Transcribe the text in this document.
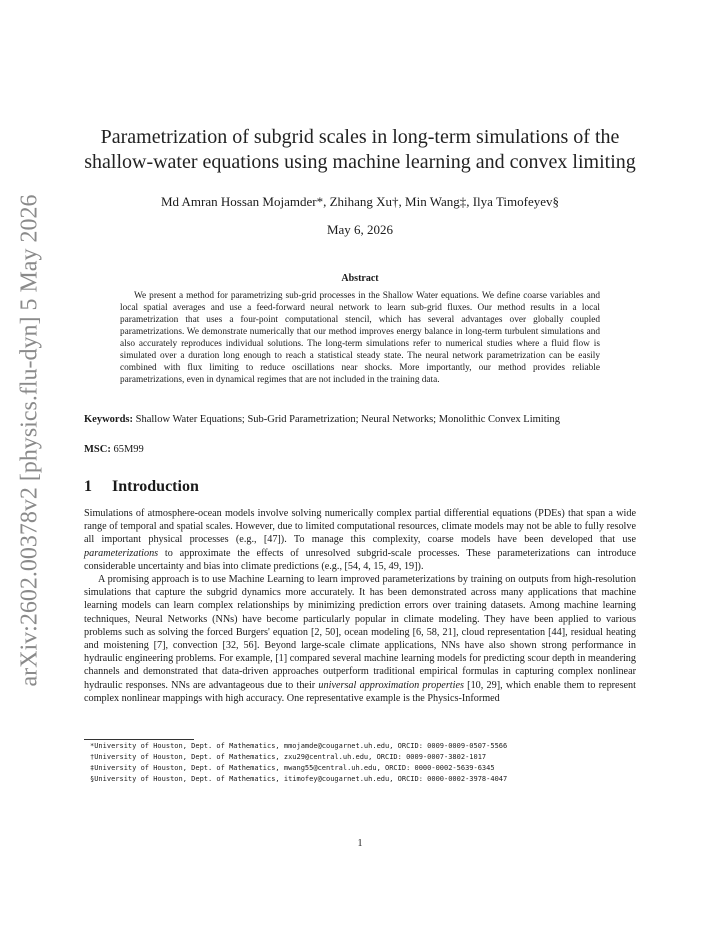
arXiv:2602.00378v2 [physics.flu-dyn] 5 May 2026
Parametrization of subgrid scales in long-term simulations of the
shallow-water equations using machine learning and convex limiting
Md Amran Hossan Mojamder*, Zhihang Xu†, Min Wang‡, Ilya Timofeyev§
May 6, 2026
Abstract
We present a method for parametrizing sub-grid processes in the Shallow Water equations. We define coarse variables and local spatial averages and use a feed-forward neural network to learn sub-grid fluxes. Our method results in a local parametrization that uses a four-point computational stencil, which has several advantages over globally coupled parametrizations. We demonstrate numerically that our method improves energy balance in long-term turbulent simulations and also accurately reproduces individual solutions. The long-term simulations refer to numerical studies where a fluid flow is simulated over a duration long enough to reach a statistical steady state. The neural network parametrization can be easily combined with flux limiting to reduce oscillations near shocks. More importantly, our method provides reliable parametrizations, even in dynamical regimes that are not included in the training data.
Keywords: Shallow Water Equations; Sub-Grid Parametrization; Neural Networks; Monolithic Convex Limiting
MSC: 65M99
1 Introduction

Simulations of atmosphere-ocean models involve solving numerically complex partial differential equations (PDEs) that span a wide range of temporal and spatial scales. However, due to limited computational resources, climate models may not be able to fully resolve all important physical processes (e.g., [47]). To manage this complexity, coarse models have been developed that use parameterizations to approximate the effects of unresolved subgrid-scale processes. These parameterizations can introduce considerable uncertainty and bias into climate predictions (e.g., [54, 4, 15, 49, 19]).

A promising approach is to use Machine Learning to learn improved parameterizations by training on outputs from high-resolution simulations that capture the subgrid dynamics more accurately. It has been demonstrated across many applications that machine learning models can learn complex relationships by minimizing prediction errors over training datasets. Among machine learning techniques, Neural Networks (NNs) have become particularly popular in climate modeling. They have been applied to various problems such as solving the forced Burgers' equation [2, 50], ocean modeling [6, 58, 21], cloud representation [44], residual heating and moistening [7], convection [32, 56]. Beyond large-scale climate applications, NNs have also shown strong performance in hydraulic engineering problems. For example, [1] compared several machine learning models for predicting scour depth in meandering channels and demonstrated that data-driven approaches outperform traditional empirical formulas in capturing complex nonlinear hydraulic responses. NNs are advantageous due to their universal approximation properties [10, 29], which enable them to represent complex nonlinear mappings with high accuracy. One representative example is the Physics-Informed

*University of Houston, Dept. of Mathematics, mmojamde@cougarnet.uh.edu, ORCID: 0009-0009-0507-5566
†University of Houston, Dept. of Mathematics, zxu29@central.uh.edu, ORCID: 0009-0007-3802-1017
‡University of Houston, Dept. of Mathematics, mwang55@central.uh.edu, ORCID: 0000-0002-5639-6345
§University of Houston, Dept. of Mathematics, itimofey@cougarnet.uh.edu, ORCID: 0000-0002-3978-4047
1
